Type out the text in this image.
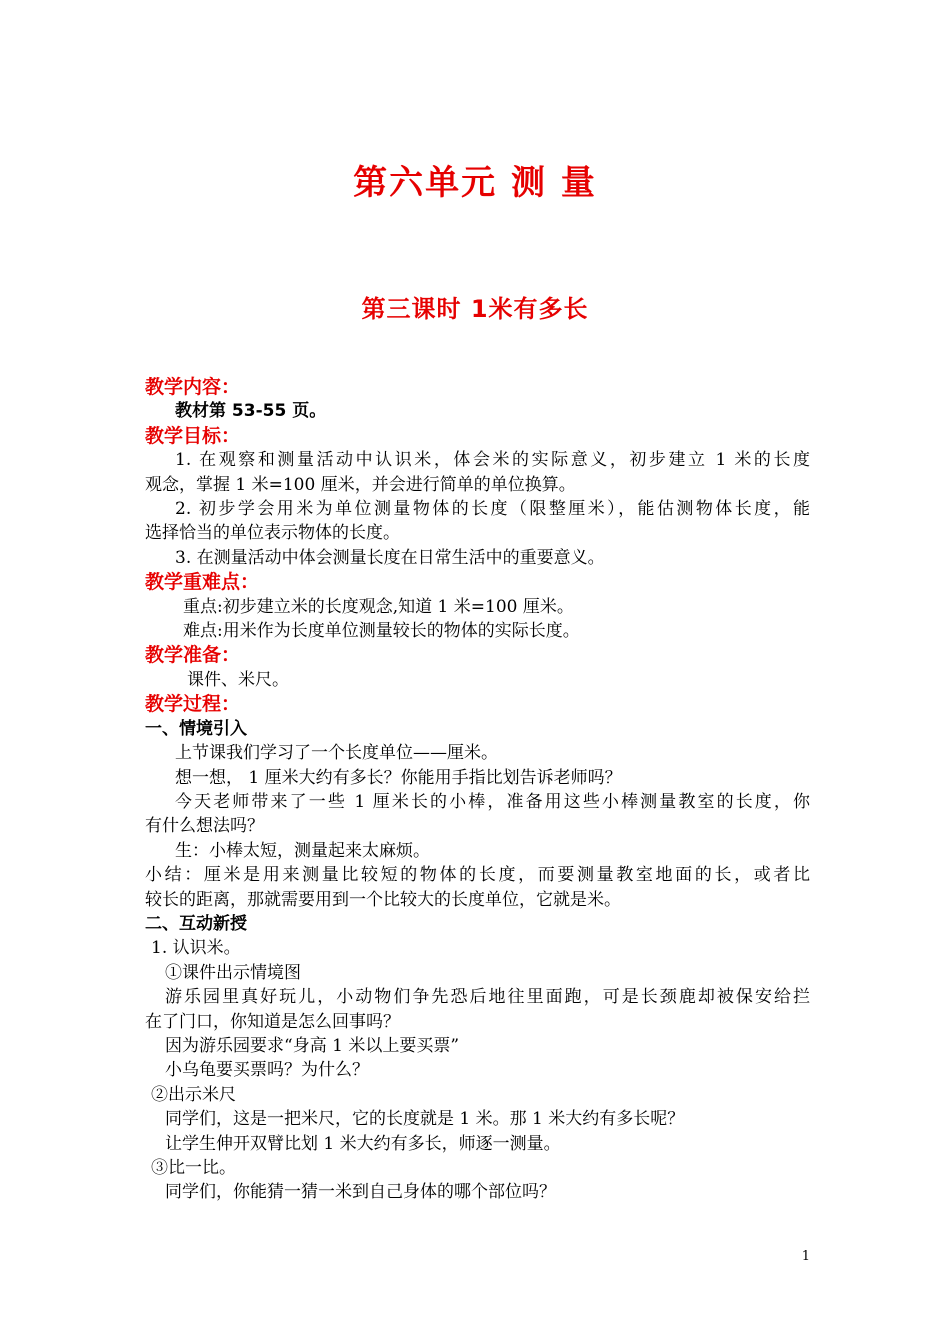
第六单元 测 量
第三课时 1米有多长
教学内容：
教材第 53-55 页。
教学目标：
1. 在观察和测量活动中认识米，体会米的实际意义，初步建立 1 米的长度
观念，掌握 1 米=100 厘米，并会进行简单的单位换算。
2. 初步学会用米为单位测量物体的长度（限整厘米），能估测物体长度，能
选择恰当的单位表示物体的长度。
3. 在测量活动中体会测量长度在日常生活中的重要意义。
教学重难点：
重点:初步建立米的长度观念,知道 1 米=100 厘米。
难点:用米作为长度单位测量较长的物体的实际长度。
教学准备：
课件、米尺。
教学过程：
一、情境引入
上节课我们学习了一个长度单位——厘米。
想一想， 1 厘米大约有多长？你能用手指比划告诉老师吗？
今天老师带来了一些 1 厘米长的小棒，准备用这些小棒测量教室的长度，你
有什么想法吗？
生：小棒太短，测量起来太麻烦。
小结：厘米是用来测量比较短的物体的长度，而要测量教室地面的长，或者比
较长的距离，那就需要用到一个比较大的长度单位，它就是米。
二、互动新授
1. 认识米。
①课件出示情境图
游乐园里真好玩儿，小动物们争先恐后地往里面跑，可是长颈鹿却被保安给拦
在了门口，你知道是怎么回事吗？
因为游乐园要求“身高 1 米以上要买票”
小乌龟要买票吗？为什么？
②出示米尺
同学们，这是一把米尺，它的长度就是 1 米。那 1 米大约有多长呢？
让学生伸开双臂比划 1 米大约有多长，师逐一测量。
③比一比。
同学们，你能猜一猜一米到自己身体的哪个部位吗？
1
